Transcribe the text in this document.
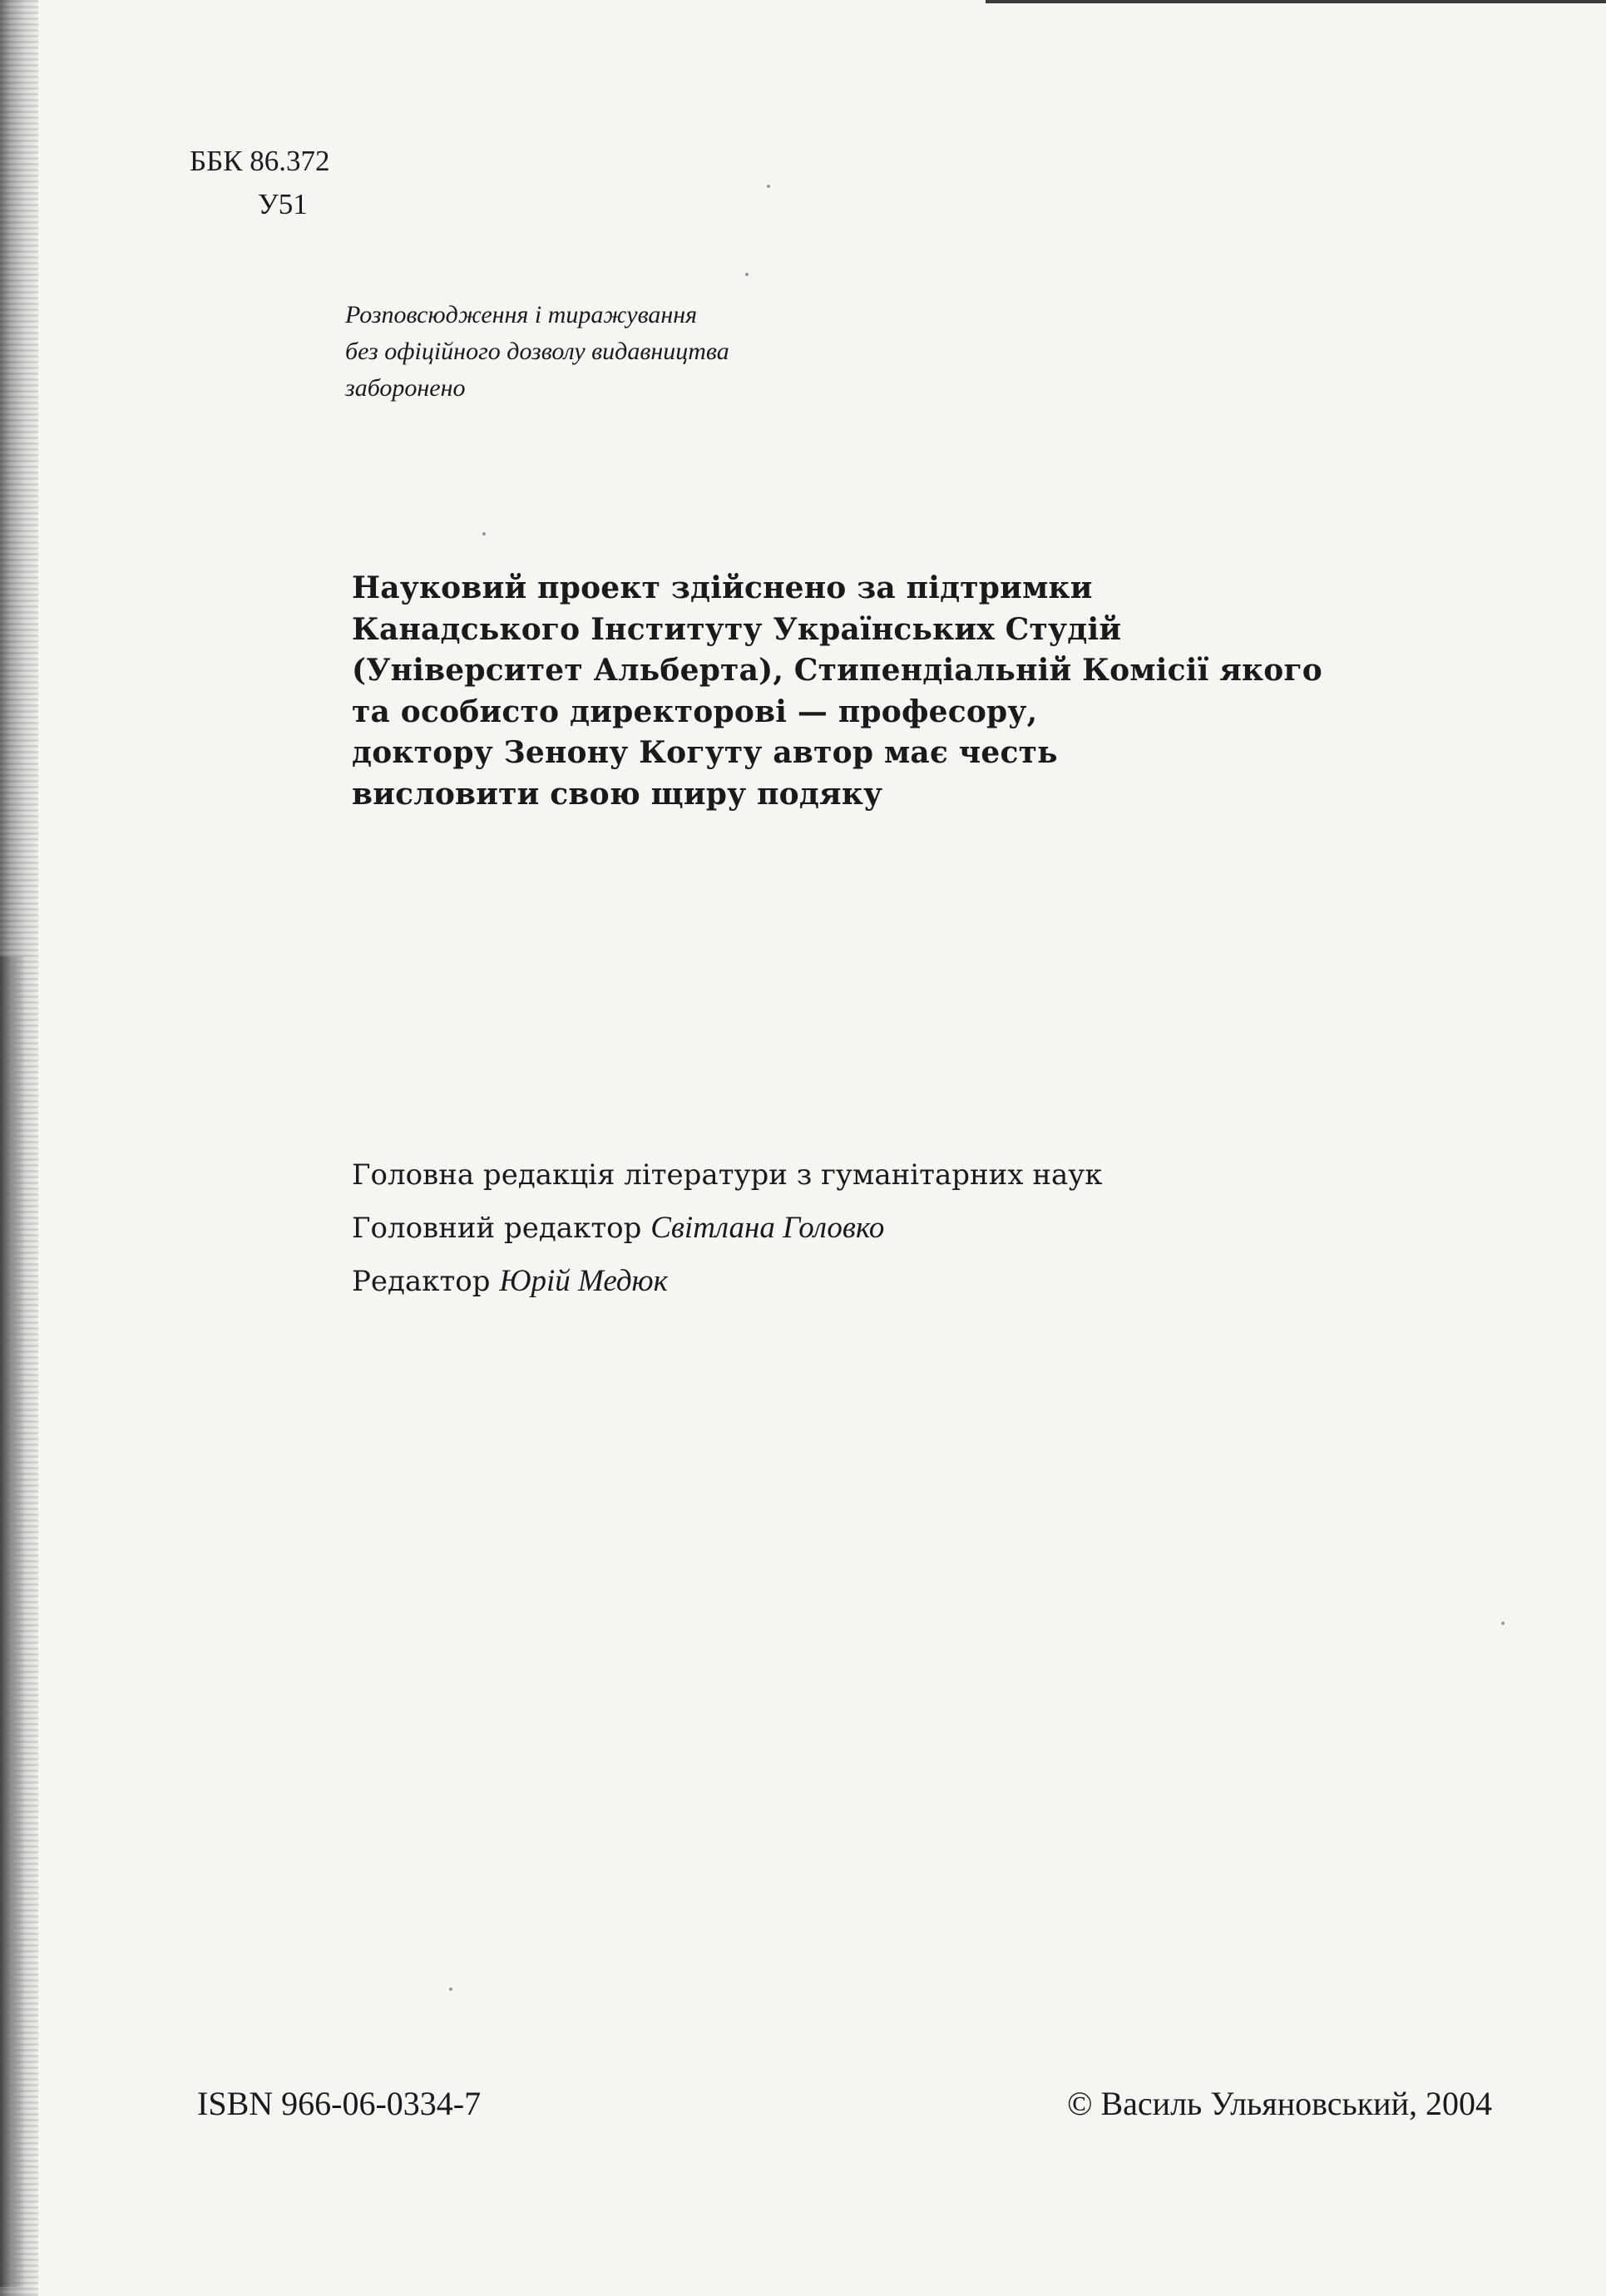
ББК 86.372
У51
Розповсюдження і тиражування
без офіційного дозволу видавництва
заборонено
Науковий проект здійснено за підтримки
Канадського Інституту Українських Студій
(Університет Альберта), Стипендіальній Комісії якого
та особисто директорові — професору,
доктору Зенону Когуту автор має честь
висловити свою щиру подяку
Головна редакція літератури з гуманітарних наук
Головний редактор Світлана Головко
Редактор Юрій Медюк
ISBN 966-06-0334-7	© Василь Ульяновський, 2004
